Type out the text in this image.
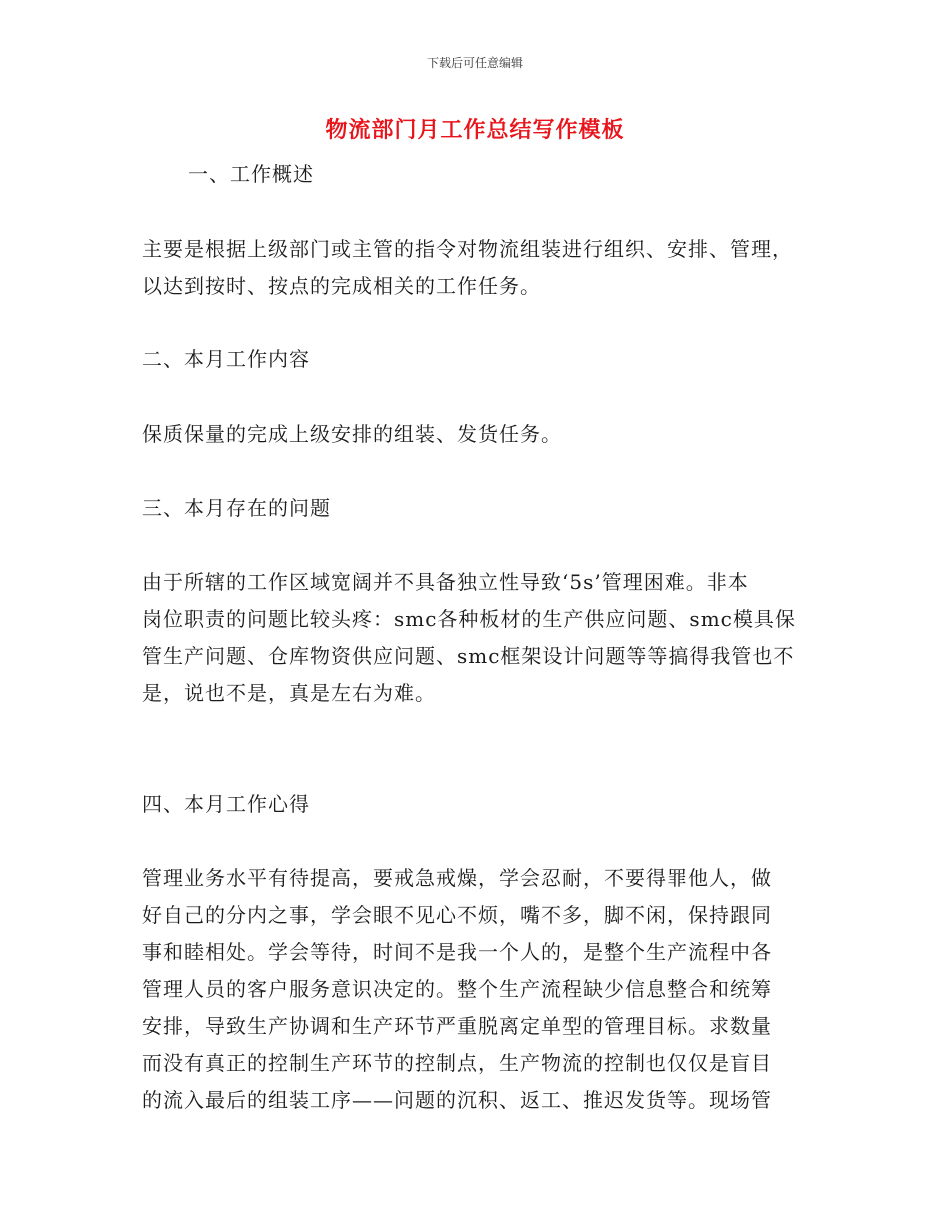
下载后可任意编辑
物流部门月工作总结写作模板
一、工作概述
主要是根据上级部门或主管的指令对物流组装进行组织、安排、管理，
以达到按时、按点的完成相关的工作任务。
二、本月工作内容
保质保量的完成上级安排的组装、发货任务。
三、本月存在的问题
由于所辖的工作区域宽阔并不具备独立性导致‘5s’管理困难。非本
岗位职责的问题比较头疼：smc各种板材的生产供应问题、smc模具保
管生产问题、仓库物资供应问题、smc框架设计问题等等搞得我管也不
是，说也不是，真是左右为难。
四、本月工作心得
管理业务水平有待提高，要戒急戒燥，学会忍耐，不要得罪他人，做
好自己的分内之事，学会眼不见心不烦，嘴不多，脚不闲，保持跟同
事和睦相处。学会等待，时间不是我一个人的，是整个生产流程中各
管理人员的客户服务意识决定的。整个生产流程缺少信息整合和统筹
安排，导致生产协调和生产环节严重脱离定单型的管理目标。求数量
而没有真正的控制生产环节的控制点，生产物流的控制也仅仅是盲目
的流入最后的组装工序——问题的沉积、返工、推迟发货等。现场管
